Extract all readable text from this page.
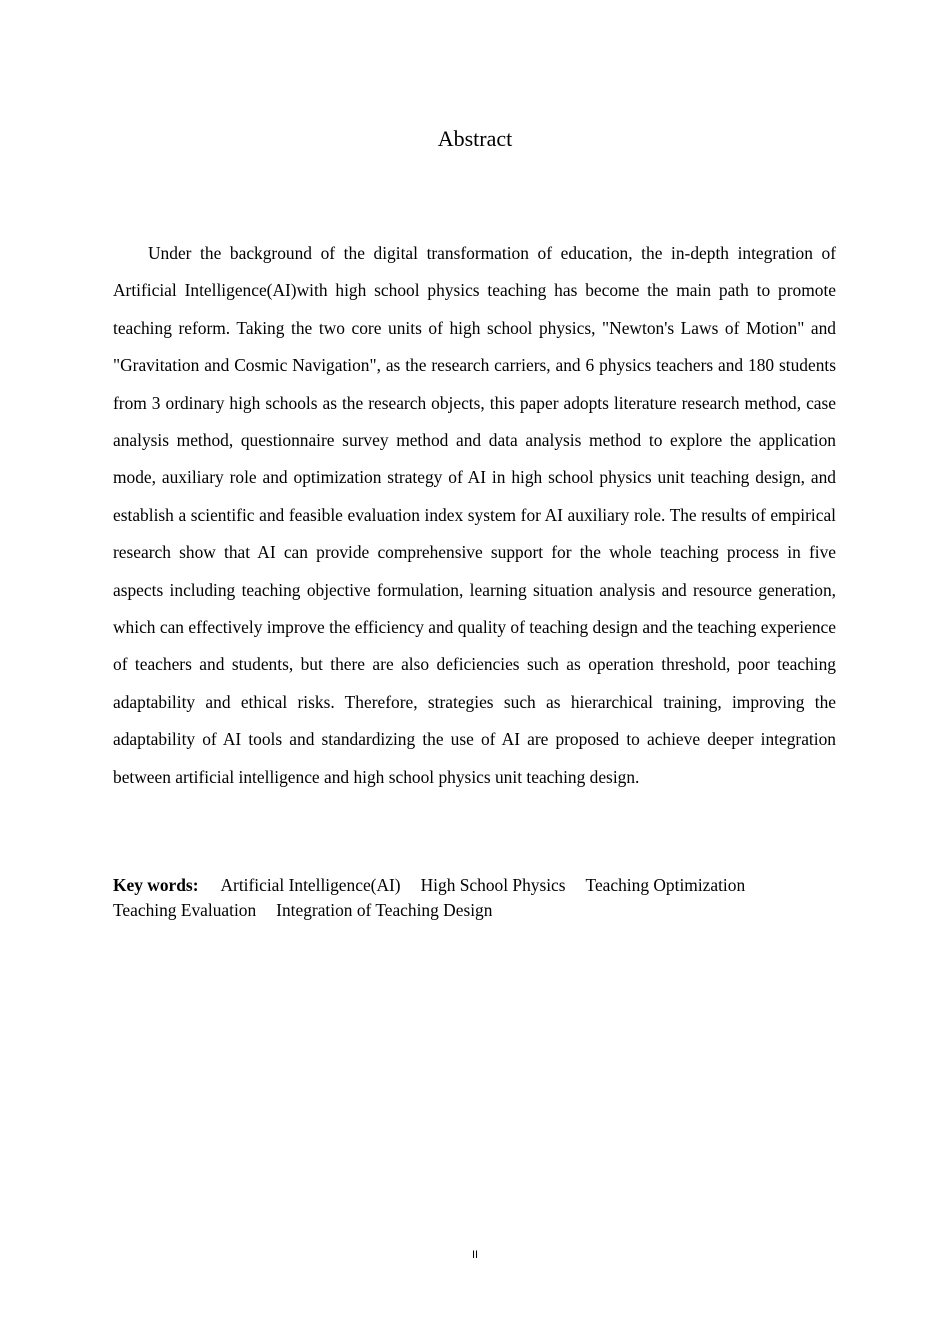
Abstract

Under the background of the digital transformation of education, the in-depth integration of Artificial Intelligence(AI)with high school physics teaching has become the main path to promote teaching reform. Taking the two core units of high school physics, "Newton's Laws of Motion" and "Gravitation and Cosmic Navigation", as the research carriers, and 6 physics teachers and 180 students from 3 ordinary high schools as the research objects, this paper adopts literature research method, case analysis method, questionnaire survey method and data analysis method to explore the application mode, auxiliary role and optimization strategy of AI in high school physics unit teaching design, and establish a scientific and feasible evaluation index system for AI auxiliary role. The results of empirical research show that AI can provide comprehensive support for the whole teaching process in five aspects including teaching objective formulation, learning situation analysis and resource generation, which can effectively improve the efficiency and quality of teaching design and the teaching experience of teachers and students, but there are also deficiencies such as operation threshold, poor teaching adaptability and ethical risks. Therefore, strategies such as hierarchical training, improving the adaptability of AI tools and standardizing the use of AI are proposed to achieve deeper integration between artificial intelligence and high school physics unit teaching design.

Key words: Artificial Intelligence(AI) High School Physics Teaching Optimization
Teaching Evaluation Integration of Teaching Design
II
